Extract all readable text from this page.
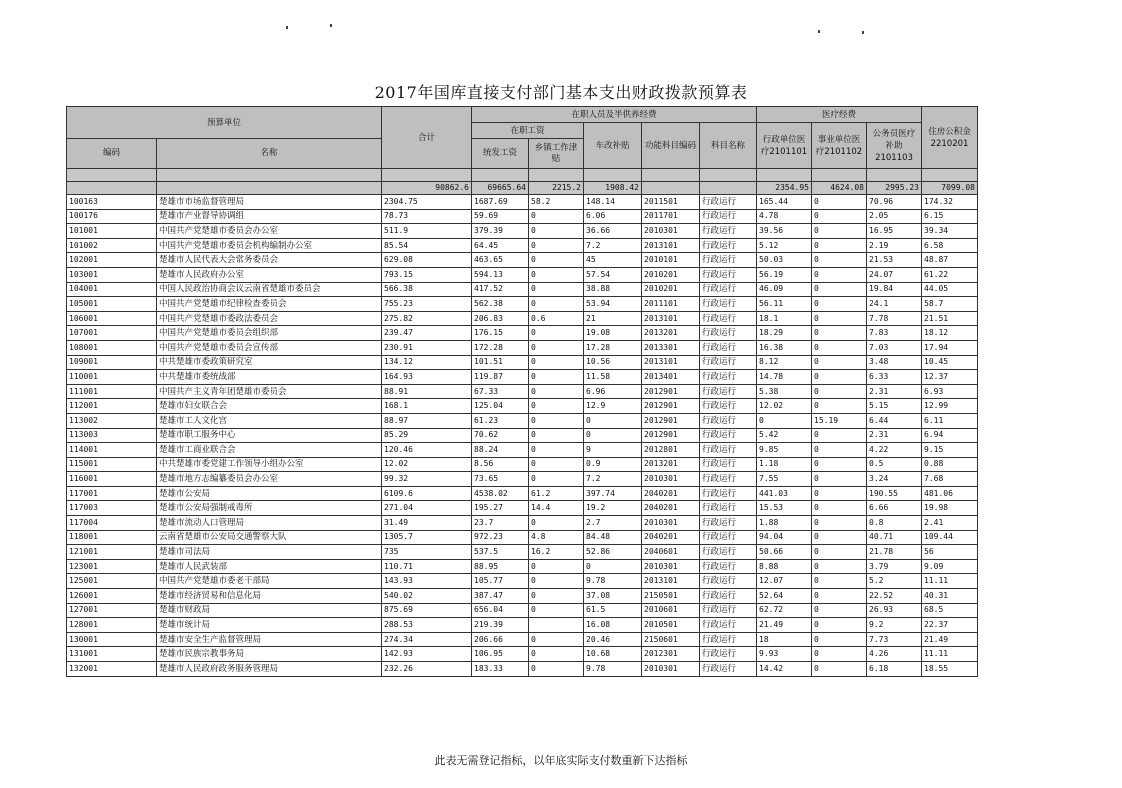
2017年国库直接支付部门基本支出财政拨款预算表
预算单位		合计	在职人员及半供养经费					医疗经费			住房公积金2210201
			在职工资		车改补贴	功能科目编码	科目名称	行政单位医疗2101101	事业单位医疗2101102	公务员医疗补助2101103	
编码	名称		统发工资	乡镇工作津贴							

		90862.6	69665.64	2215.2	1908.42			2354.95	4624.08	2995.23	7099.08
100163	楚雄市市场监督管理局	2304.75	1687.69	58.2	148.14	2011501	行政运行	165.44	0	70.96	174.32
100176	楚雄市产业督导协调组	78.73	59.69	0	6.06	2011701	行政运行	4.78	0	2.05	6.15
101001	中国共产党楚雄市委员会办公室	511.9	379.39	0	36.66	2010301	行政运行	39.56	0	16.95	39.34
101002	中国共产党楚雄市委员会机构编制办公室	85.54	64.45	0	7.2	2013101	行政运行	5.12	0	2.19	6.58
102001	楚雄市人民代表大会常务委员会	629.08	463.65	0	45	2010101	行政运行	50.03	0	21.53	48.87
103001	楚雄市人民政府办公室	793.15	594.13	0	57.54	2010201	行政运行	56.19	0	24.07	61.22
104001	中国人民政治协商会议云南省楚雄市委员会	566.38	417.52	0	38.88	2010201	行政运行	46.09	0	19.84	44.05
105001	中国共产党楚雄市纪律检查委员会	755.23	562.38	0	53.94	2011101	行政运行	56.11	0	24.1	58.7
106001	中国共产党楚雄市委政法委员会	275.82	206.83	0.6	21	2013101	行政运行	18.1	0	7.78	21.51
107001	中国共产党楚雄市委员会组织部	239.47	176.15	0	19.08	2013201	行政运行	18.29	0	7.83	18.12
108001	中国共产党楚雄市委员会宣传部	230.91	172.28	0	17.28	2013301	行政运行	16.38	0	7.03	17.94
109001	中共楚雄市委政策研究室	134.12	101.51	0	10.56	2013101	行政运行	8.12	0	3.48	10.45
110001	中共楚雄市委统战部	164.93	119.87	0	11.58	2013401	行政运行	14.78	0	6.33	12.37
111001	中国共产主义青年团楚雄市委员会	88.91	67.33	0	6.96	2012901	行政运行	5.38	0	2.31	6.93
112001	楚雄市妇女联合会	168.1	125.04	0	12.9	2012901	行政运行	12.02	0	5.15	12.99
113002	楚雄市工人文化宫	88.97	61.23	0	0	2012901	行政运行	0	15.19	6.44	6.11
113003	楚雄市职工服务中心	85.29	70.62	0	0	2012901	行政运行	5.42	0	2.31	6.94
114001	楚雄市工商业联合会	120.46	88.24	0	9	2012801	行政运行	9.85	0	4.22	9.15
115001	中共楚雄市委党建工作领导小组办公室	12.02	8.56	0	0.9	2013201	行政运行	1.18	0	0.5	0.88
116001	楚雄市地方志编纂委员会办公室	99.32	73.65	0	7.2	2010301	行政运行	7.55	0	3.24	7.68
117001	楚雄市公安局	6109.6	4538.02	61.2	397.74	2040201	行政运行	441.03	0	190.55	481.06
117003	楚雄市公安局强制戒毒所	271.04	195.27	14.4	19.2	2040201	行政运行	15.53	0	6.66	19.98
117004	楚雄市流动人口管理局	31.49	23.7	0	2.7	2010301	行政运行	1.88	0	0.8	2.41
118001	云南省楚雄市公安局交通警察大队	1305.7	972.23	4.8	84.48	2040201	行政运行	94.04	0	40.71	109.44
121001	楚雄市司法局	735	537.5	16.2	52.86	2040601	行政运行	50.66	0	21.78	56
123001	楚雄市人民武装部	110.71	88.95	0	0	2010301	行政运行	8.88	0	3.79	9.09
125001	中国共产党楚雄市委老干部局	143.93	105.77	0	9.78	2013101	行政运行	12.07	0	5.2	11.11
126001	楚雄市经济贸易和信息化局	540.02	387.47	0	37.08	2150501	行政运行	52.64	0	22.52	40.31
127001	楚雄市财政局	875.69	656.04	0	61.5	2010601	行政运行	62.72	0	26.93	68.5
128001	楚雄市统计局	288.53	219.39		16.08	2010501	行政运行	21.49	0	9.2	22.37
130001	楚雄市安全生产监督管理局	274.34	206.66	0	20.46	2150601	行政运行	18	0	7.73	21.49
131001	楚雄市民族宗教事务局	142.93	106.95	0	10.68	2012301	行政运行	9.93	0	4.26	11.11
132001	楚雄市人民政府政务服务管理局	232.26	183.33	0	9.78	2010301	行政运行	14.42	0	6.18	18.55
此表无需登记指标，以年底实际支付数重新下达指标
